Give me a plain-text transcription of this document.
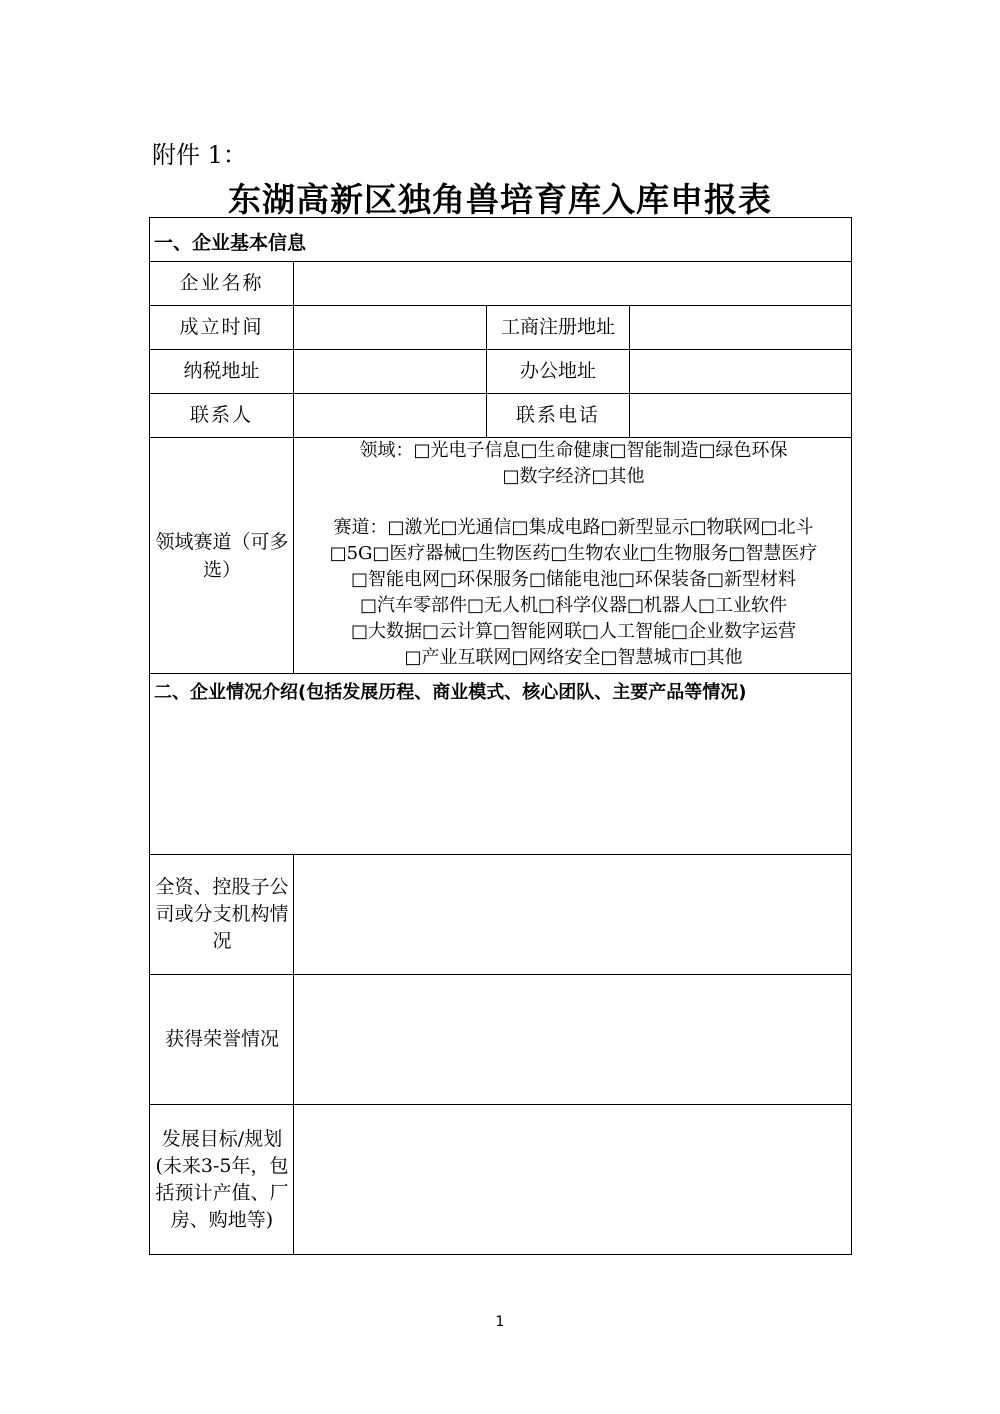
附件 1：
东湖高新区独角兽培育库入库申报表
一、企业基本信息
企业名称
成立时间	工商注册地址
纳税地址	办公地址
联系人	联系电话
领域赛道（可多选）
领域：□光电子信息□生命健康□智能制造□绿色环保
□数字经济□其他
赛道：□激光□光通信□集成电路□新型显示□物联网□北斗
□5G□医疗器械□生物医药□生物农业□生物服务□智慧医疗
□智能电网□环保服务□储能电池□环保装备□新型材料
□汽车零部件□无人机□科学仪器□机器人□工业软件
□大数据□云计算□智能网联□人工智能□企业数字运营
□产业互联网□网络安全□智慧城市□其他
二、企业情况介绍(包括发展历程、商业模式、核心团队、主要产品等情况)
全资、控股子公司或分支机构情况
获得荣誉情况
发展目标/规划(未来3-5年，包括预计产值、厂房、购地等)
1
